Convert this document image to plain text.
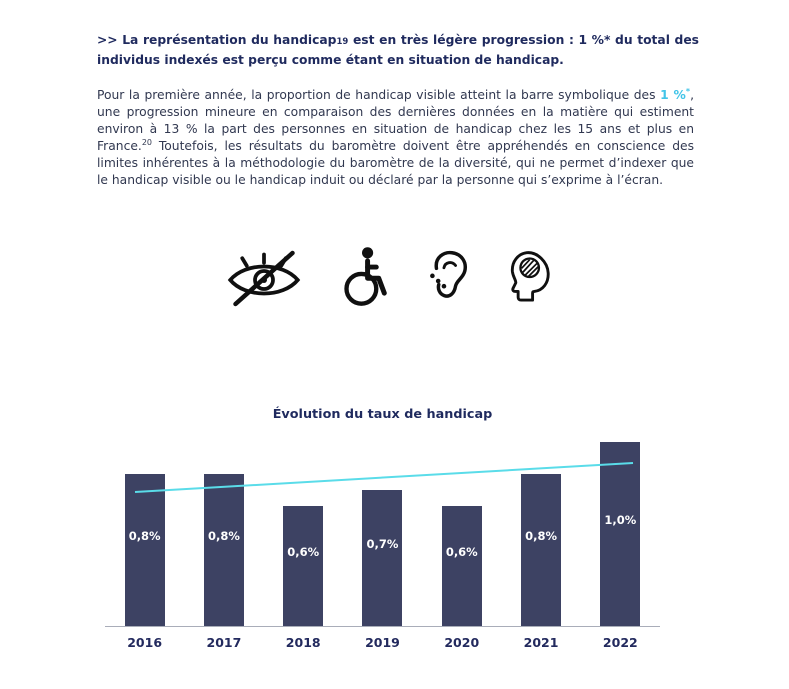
>> La représentation du handicap19 est en très légère progression : 1 %* du total des individus indexés est perçu comme étant en situation de handicap.

Pour la première année, la proportion de handicap visible atteint la barre symbolique des 1 %*, une progression mineure en comparaison des dernières données en la matière qui estiment environ à 13 % la part des personnes en situation de handicap chez les 15 ans et plus en France.$^{20}$ Toutefois, les résultats du baromètre doivent être appréhendés en conscience des limites inhérentes à la méthodologie du baromètre de la diversité, qui ne permet d’indexer que le handicap visible ou le handicap induit ou déclaré par la personne qui s’exprime à l’écran.

Évolution du taux de handicap
0,8%	0,8%
0,6%
0,7%
0,6%
0,8%
1,0%
2016	2017	2018	2019	2020	2021	2022
